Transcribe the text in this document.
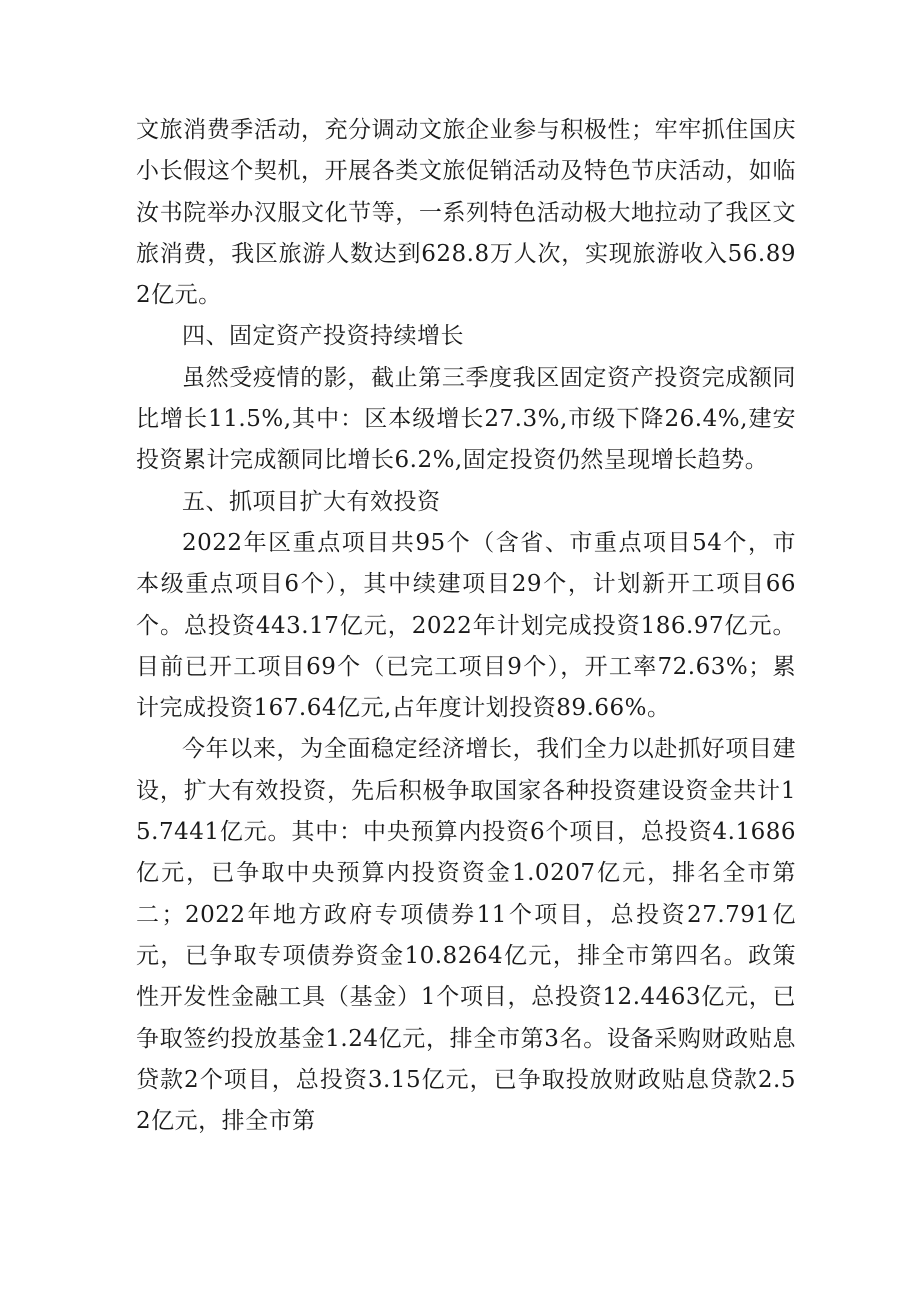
文旅消费季活动，充分调动文旅企业参与积极性；牢牢抓住国庆小长假这个契机，开展各类文旅促销活动及特色节庆活动，如临汝书院举办汉服文化节等，一系列特色活动极大地拉动了我区文旅消费，我区旅游人数达到628.8万人次，实现旅游收入56.892亿元。

四、固定资产投资持续增长

虽然受疫情的影，截止第三季度我区固定资产投资完成额同比增长11.5%,其中：区本级增长27.3%,市级下降26.4%,建安投资累计完成额同比增长6.2%,固定投资仍然呈现增长趋势。

五、抓项目扩大有效投资

2022年区重点项目共95个（含省、市重点项目54个，市本级重点项目6个），其中续建项目29个，计划新开工项目66个。总投资443.17亿元，2022年计划完成投资186.97亿元。目前已开工项目69个（已完工项目9个），开工率72.63%；累计完成投资167.64亿元,占年度计划投资89.66%。

今年以来，为全面稳定经济增长，我们全力以赴抓好项目建设，扩大有效投资，先后积极争取国家各种投资建设资金共计15.7441亿元。其中：中央预算内投资6个项目，总投资4.1686亿元，已争取中央预算内投资资金1.0207亿元，排名全市第二；2022年地方政府专项债券11个项目，总投资27.791亿元，已争取专项债券资金10.8264亿元，排全市第四名。政策性开发性金融工具（基金）1个项目，总投资12.4463亿元，已争取签约投放基金1.24亿元，排全市第3名。设备采购财政贴息贷款2个项目，总投资3.15亿元，已争取投放财政贴息贷款2.52亿元，排全市第
